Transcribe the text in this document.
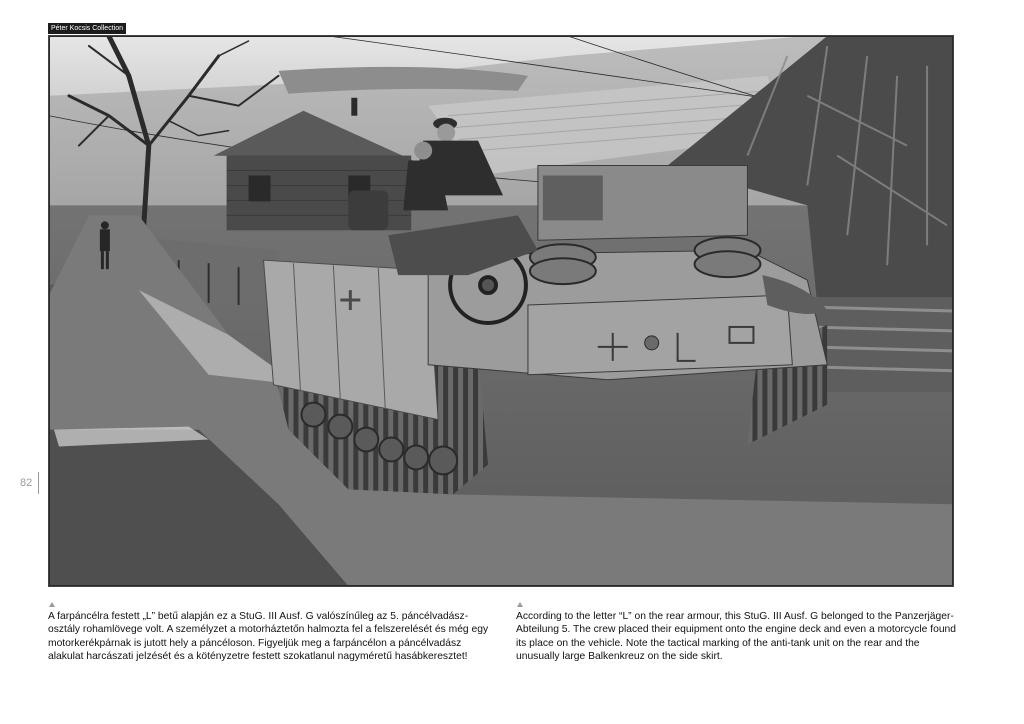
Péter Kocsis Collection
82
A farpáncélra festett „L” betű alapján ez a StuG. III Ausf. G valószínűleg az 5. páncélvadász-osztály rohamlövege volt. A személyzet a motorháztetőn halmozta fel a felszerelését és még egy motorkerékpárnak is jutott hely a páncéloson. Figyeljük meg a farpáncélon a páncélvadász alakulat harcászati jelzését és a kötényzetre festett szokatlanul nagyméretű hasábkeresztet!
According to the letter “L” on the rear armour, this StuG. III Ausf. G belonged to the Panzerjäger-Abteilung 5. The crew placed their equipment onto the engine deck and even a motorcycle found its place on the vehicle. Note the tactical marking of the anti-tank unit on the rear and the unusually large Balkenkreuz on the side skirt.
